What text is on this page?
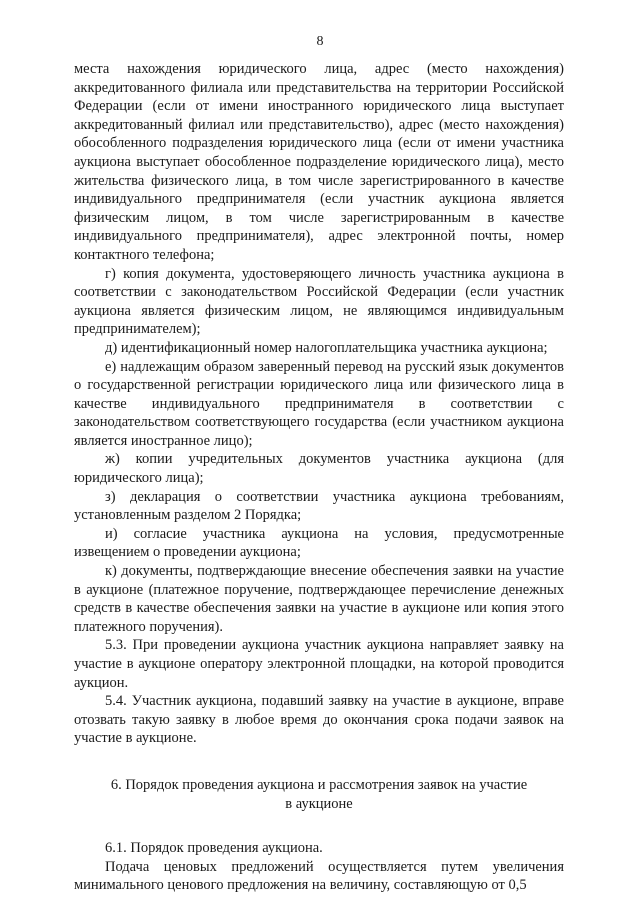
8

места нахождения юридического лица, адрес (место нахождения) аккредитованного филиала или представительства на территории Российской Федерации (если от имени иностранного юридического лица выступает аккредитованный филиал или представительство), адрес (место нахождения) обособленного подразделения юридического лица (если от имени участника аукциона выступает обособленное подразделение юридического лица), место жительства физического лица, в том числе зарегистрированного в качестве индивидуального предпринимателя (если участник аукциона является физическим лицом, в том числе зарегистрированным в качестве индивидуального предпринимателя), адрес электронной почты, номер контактного телефона;

г) копия документа, удостоверяющего личность участника аукциона в соответствии с законодательством Российской Федерации (если участник аукциона является физическим лицом, не являющимся индивидуальным предпринимателем);

д) идентификационный номер налогоплательщика участника аукциона;

е) надлежащим образом заверенный перевод на русский язык документов о государственной регистрации юридического лица или физического лица в качестве индивидуального предпринимателя в соответствии с законодательством соответствующего государства (если участником аукциона является иностранное лицо);

ж) копии учредительных документов участника аукциона (для юридического лица);

з) декларация о соответствии участника аукциона требованиям, установленным разделом 2 Порядка;

и) согласие участника аукциона на условия, предусмотренные извещением о проведении аукциона;

к) документы, подтверждающие внесение обеспечения заявки на участие в аукционе (платежное поручение, подтверждающее перечисление денежных средств в качестве обеспечения заявки на участие в аукционе или копия этого платежного поручения).

5.3. При проведении аукциона участник аукциона направляет заявку на участие в аукционе оператору электронной площадки, на которой проводится аукцион.

5.4. Участник аукциона, подавший заявку на участие в аукционе, вправе отозвать такую заявку в любое время до окончания срока подачи заявок на участие в аукционе.

6. Порядок проведения аукциона и рассмотрения заявок на участие
в аукционе

6.1. Порядок проведения аукциона.

Подача ценовых предложений осуществляется путем увеличения минимального ценового предложения на величину, составляющую от 0,5
